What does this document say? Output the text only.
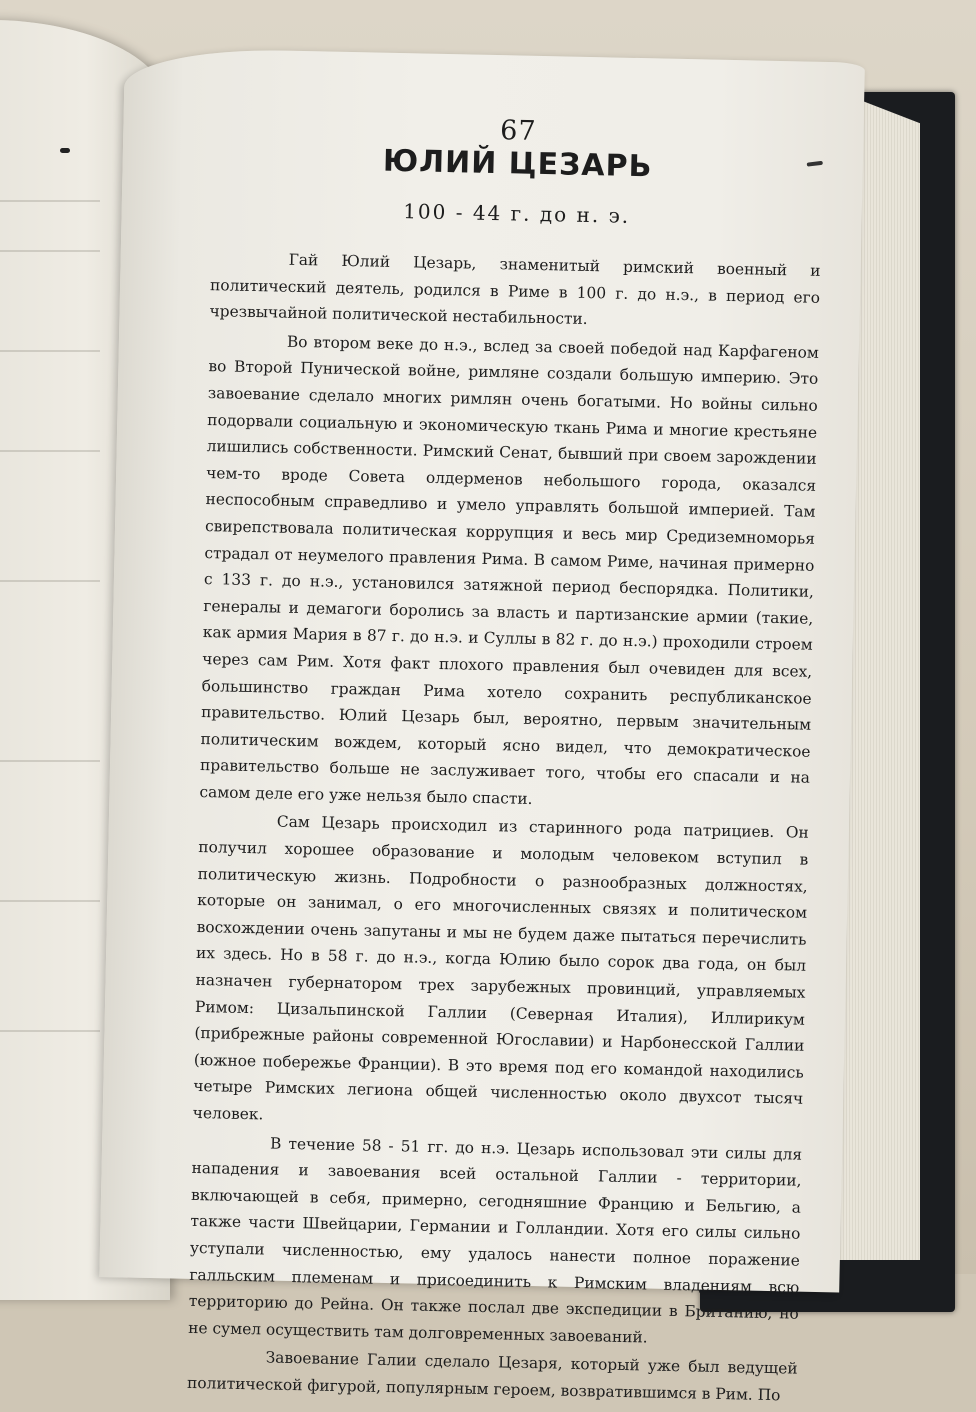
67
ЮЛИЙ ЦЕЗАРЬ
100 - 44 г. до н. э.

Гай Юлий Цезарь, знаменитый римский военный и политический деятель, родился в Риме в 100 г. до н.э., в период его чрезвычайной политической нестабильности.

Во втором веке до н.э., вслед за своей победой над Карфагеном во Второй Пунической войне, римляне создали большую империю. Это завоевание сделало многих римлян очень богатыми. Но войны сильно подорвали социальную и экономическую ткань Рима и многие крестьяне лишились собственности. Римский Сенат, бывший при своем зарождении чем-то вроде Совета олдерменов небольшого города, оказался неспособным справедливо и умело управлять большой империей. Там свирепствовала политическая коррупция и весь мир Средиземноморья страдал от неумелого правления Рима. В самом Риме, начиная примерно с 133 г. до н.э., установился затяжной период беспорядка. Политики, генералы и демагоги боролись за власть и партизанские армии (такие, как армия Мария в 87 г. до н.э. и Суллы в 82 г. до н.э.) проходили строем через сам Рим. Хотя факт плохого правления был очевиден для всех, большинство граждан Рима хотело сохранить республиканское правительство. Юлий Цезарь был, вероятно, первым значительным политическим вождем, который ясно видел, что демократическое правительство больше не заслуживает того, чтобы его спасали и на самом деле его уже нельзя было спасти.

Сам Цезарь происходил из старинного рода патрициев. Он получил хорошее образование и молодым человеком вступил в политическую жизнь. Подробности о разнообразных должностях, которые он занимал, о его многочисленных связях и политическом восхождении очень запутаны и мы не будем даже пытаться перечислить их здесь. Но в 58 г. до н.э., когда Юлию было сорок два года, он был назначен губернатором трех зарубежных провинций, управляемых Римом: Цизальпинской Галлии (Северная Италия), Иллирикум (прибрежные районы современной Югославии) и Нарбонесской Галлии (южное побережье Франции). В это время под его командой находились четыре Римских легиона общей численностью около двухсот тысяч человек.

В течение 58 - 51 гг. до н.э. Цезарь использовал эти силы для нападения и завоевания всей остальной Галлии - территории, включающей в себя, примерно, сегодняшние Францию и Бельгию, а также части Швейцарии, Германии и Голландии. Хотя его силы сильно уступали численностью, ему удалось нанести полное поражение галльским племенам и присоединить к Римским владениям всю территорию до Рейна. Он также послал две экспедиции в Британию, но не сумел осуществить там долговременных завоеваний.

Завоевание Галии сделало Цезаря, который уже был ведущей политической фигурой, популярным героем, возвратившимся в Рим. По
